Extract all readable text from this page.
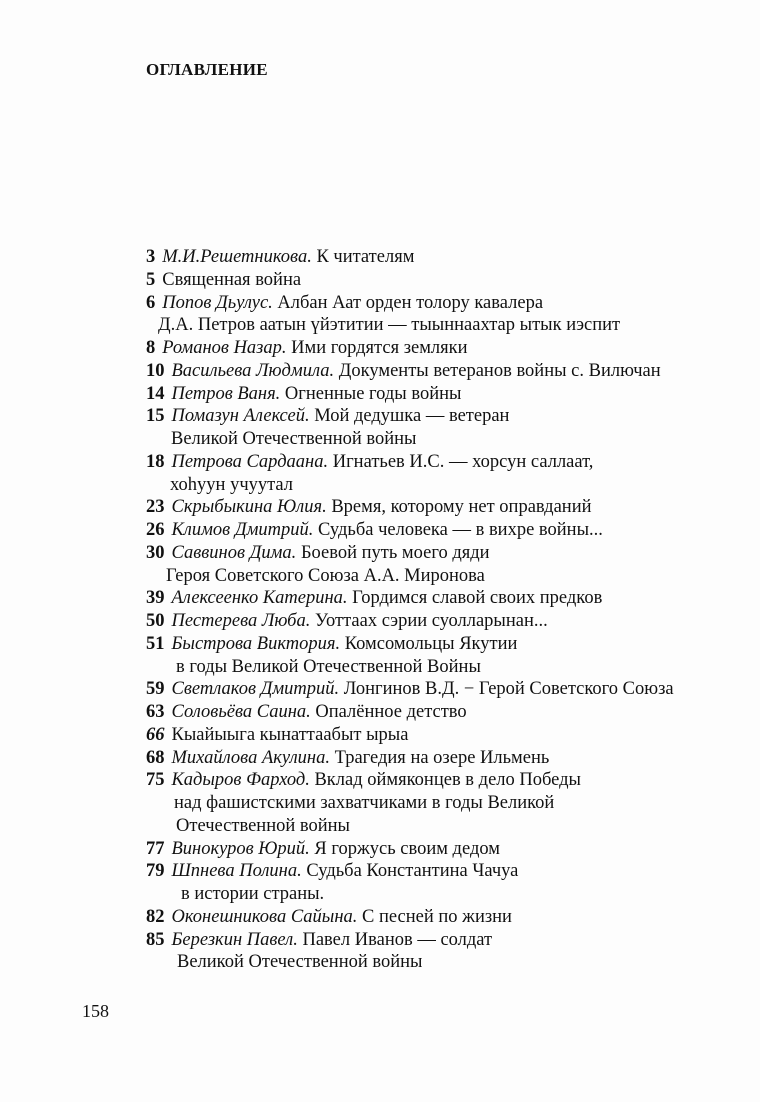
ОГЛАВЛЕНИЕ
3 М.И.Решетникова. К читателям
5 Священная война
6 Попов Дьулус. Албан Аат орден толору кавалера
Д.А. Петров аатын үйэтитии — тыыннаахтар ытык иэспит
8 Романов Назар. Ими гордятся земляки
10 Васильева Людмила. Документы ветеранов войны с. Вилючан
14 Петров Ваня. Огненные годы войны
15 Помазун Алексей. Мой дедушка — ветеран
Великой Отечественной войны
18 Петрова Сардаана. Игнатьев И.С. — хорсун саллаат,
хоһуун учуутал
23 Скрыбыкина Юлия. Время, которому нет оправданий
26 Климов Дмитрий. Судьба человека — в вихре войны...
30 Саввинов Дима. Боевой путь моего дяди
Героя Советского Союза А.А. Миронова
39 Алексеенко Катерина. Гордимся славой своих предков
50 Пестерева Люба. Уоттаах сэрии суолларынан...
51 Быстрова Виктория. Комсомольцы Якутии
в годы Великой Отечественной Войны
59 Светлаков Дмитрий. Лонгинов В.Д. − Герой Советского Союза
63 Соловьёва Саина. Опалённое детство
66 Кыайыыга кынаттаабыт ырыа
68 Михайлова Акулина. Трагедия на озере Ильмень
75 Кадыров Фарход. Вклад оймяконцев в дело Победы
над фашистскими захватчиками в годы Великой
Отечественной войны
77 Винокуров Юрий. Я горжусь своим дедом
79 Шпнева Полина. Судьба Константина Чачуа
в истории страны.
82 Оконешникова Сайына. С песней по жизни
85 Березкин Павел. Павел Иванов — солдат
Великой Отечественной войны
158
